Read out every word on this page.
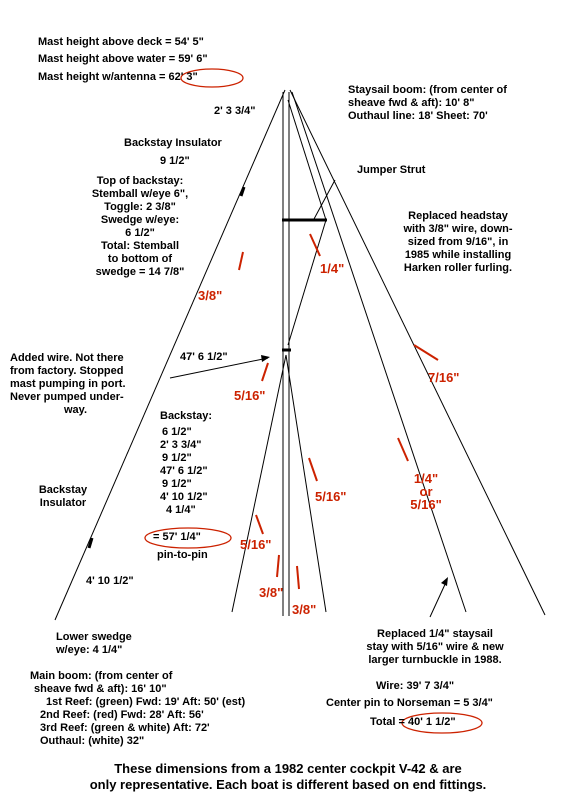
Mast height above deck = 54' 5"
Mast height above water = 59' 6"
Mast height w/antenna = 62' 3"
2' 3 3/4"
Backstay Insulator
9 1/2"
Top of backstay:
Stemball w/eye 6",
Toggle: 2 3/8"
Swedge w/eye:
6 1/2"
Total: Stemball
to bottom of
swedge = 14 7/8"
Staysail boom: (from center of
sheave fwd & aft): 10' 8"
Outhaul line: 18' Sheet: 70'
Jumper Strut
Replaced headstay
with 3/8" wire, down-
sized from 9/16", in
1985 while installing
Harken roller furling.
Added wire. Not there
from factory. Stopped
mast pumping in port.
Never pumped under-
way.
47' 6 1/2"
Backstay:
6 1/2"
2' 3 3/4"
9 1/2"
47' 6 1/2"
9 1/2"
4' 10 1/2"
4 1/4"
= 57' 1/4"
pin-to-pin
Backstay
Insulator
4' 10 1/2"
Lower swedge
w/eye: 4 1/4"
Main boom: (from center of
sheave fwd & aft): 16' 10"
1st Reef: (green) Fwd: 19' Aft: 50' (est)
2nd Reef: (red) Fwd: 28' Aft: 56'
3rd Reef: (green & white) Aft: 72'
Outhaul: (white) 32"
Replaced 1/4" staysail
stay with 5/16" wire & new
larger turnbuckle in 1988.
Wire: 39' 7 3/4"
Center pin to Norseman = 5 3/4"
Total = 40' 1 1/2"
1/4"
3/8"
7/16"
5/16"
5/16"
1/4"
or
5/16"
5/16"
3/8"
3/8"
These dimensions from a 1982 center cockpit V-42 & are
only representative. Each boat is different based on end fittings.
